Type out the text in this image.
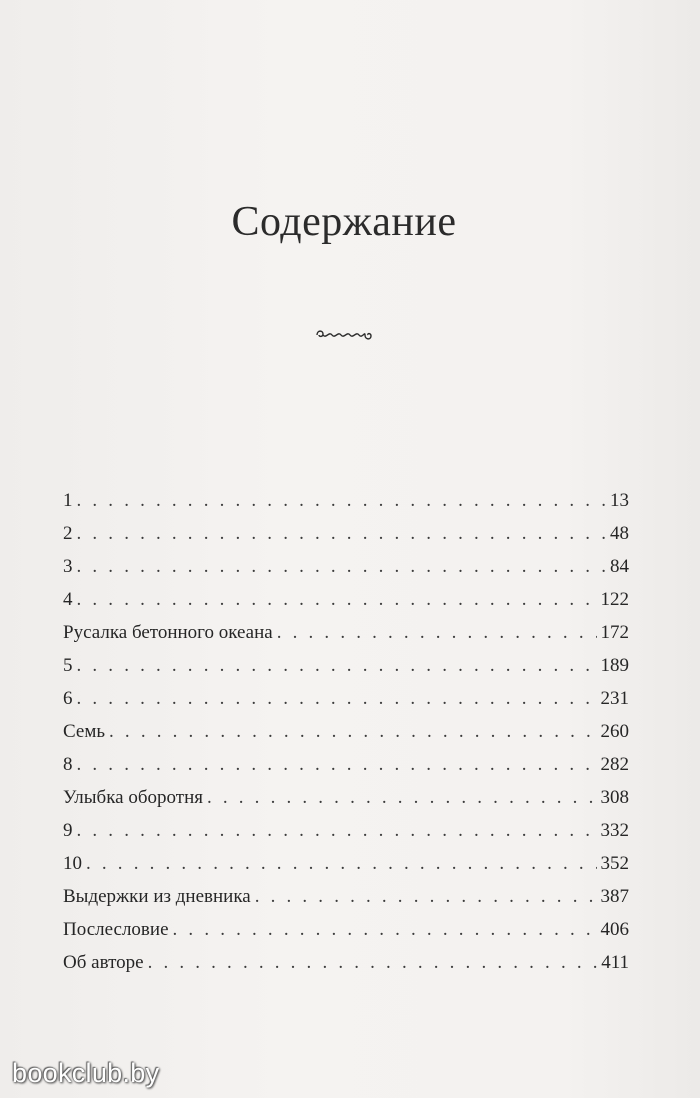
Содержание
1 . . .	13
2 . . .	48
3 . . .	84
4 . . .	122
Русалка бетонного океана . . .	172
5 . . .	189
6 . . .	231
Семь . . .	260
8 . . .	282
Улыбка оборотня . . .	308
9 . . .	332
10 . . .	352
Выдержки из дневника . . .	387
Послесловие . . .	406
Об авторе . . .	411
bookclub.by
